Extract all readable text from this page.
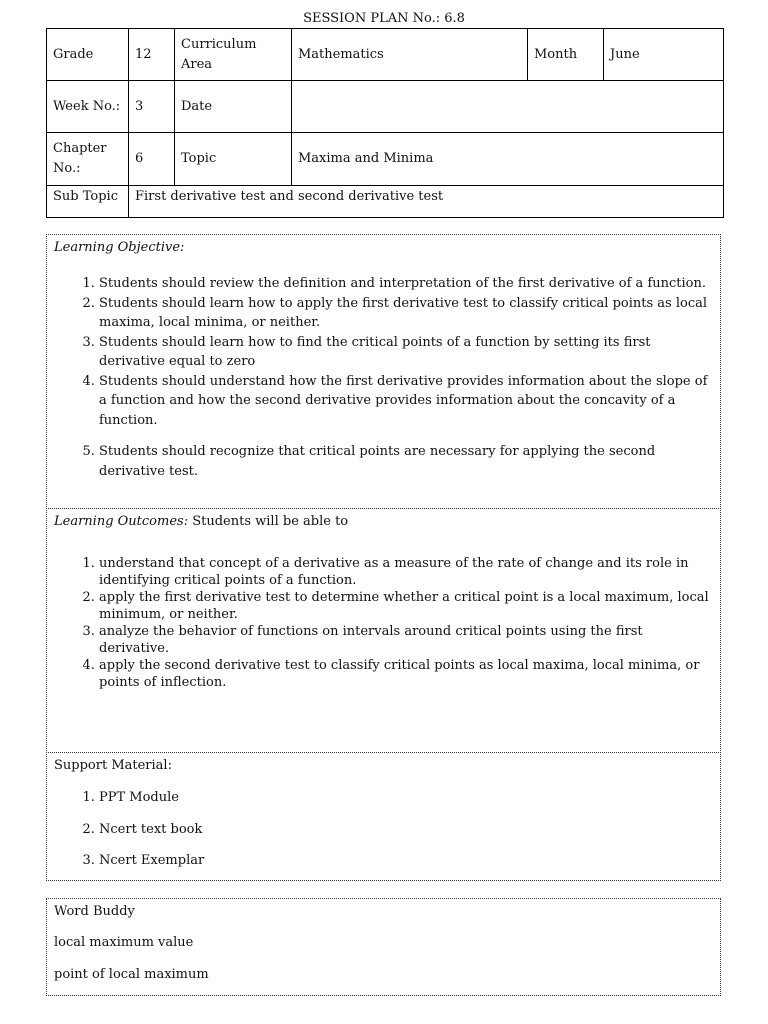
SESSION PLAN No.: 6.8
Grade	12	Curriculum Area	Mathematics	Month	June
Week No.:	3	Date			
Chapter No.:	6	Topic	Maxima and Minima		
Sub Topic	First derivative test and second derivative test				
Learning Objective:
1. Students should review the definition and interpretation of the first derivative of a function.
2. Students should learn how to apply the first derivative test to classify critical points as local maxima, local minima, or neither.
3. Students should learn how to find the critical points of a function by setting its first derivative equal to zero
4. Students should understand how the first derivative provides information about the slope of a function and how the second derivative provides information about the concavity of a function.
5. Students should recognize that critical points are necessary for applying the second derivative test.
Learning Outcomes: Students will be able to
1. understand that concept of a derivative as a measure of the rate of change and its role in identifying critical points of a function.
2. apply the first derivative test to determine whether a critical point is a local maximum, local minimum, or neither.
3. analyze the behavior of functions on intervals around critical points using the first derivative.
4. apply the second derivative test to classify critical points as local maxima, local minima, or points of inflection.
Support Material:
1. PPT Module
2. Ncert text book
3. Ncert Exemplar
Word Buddy

local maximum value

point of local maximum
